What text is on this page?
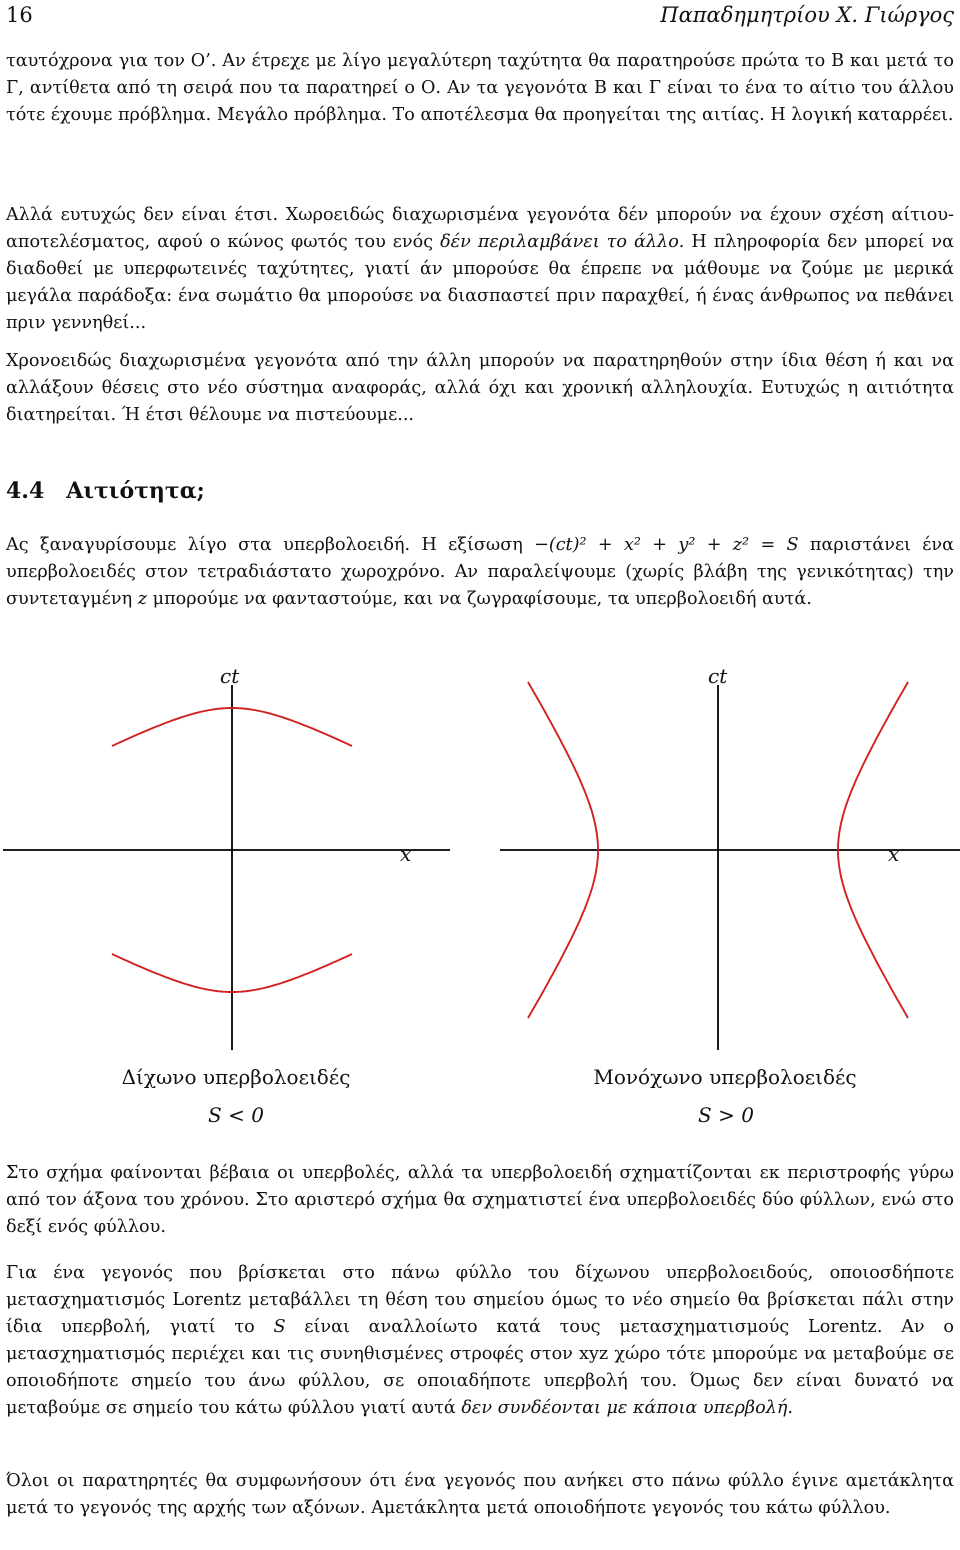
16	Παπαδημητρίου Χ. Γιώργος

ταυτόχρονα για τον Ο’. Αν έτρεχε με λίγο μεγαλύτερη ταχύτητα θα παρατηρούσε πρώτα το Β και μετά το Γ, αντίθετα από τη σειρά που τα παρατηρεί ο Ο. Αν τα γεγονότα Β και Γ είναι το ένα το αίτιο του άλλου τότε έχουμε πρόβλημα. Μεγάλο πρόβλημα. Το αποτέλεσμα θα προηγείται της αιτίας. Η λογική καταρρέει.

Αλλά ευτυχώς δεν είναι έτσι. Χωροειδώς διαχωρισμένα γεγονότα δέν μπορούν να έχουν σχέση αίτιου-αποτελέσματος, αφού ο κώνος φωτός του ενός δέν περιλαμβάνει το άλλο. Η πληροφορία δεν μπορεί να διαδοθεί με υπερφωτεινές ταχύτητες, γιατί άν μπορούσε θα έπρεπε να μάθουμε να ζούμε με μερικά μεγάλα παράδοξα: ένα σωμάτιο θα μπορούσε να διασπαστεί πριν παραχθεί, ή ένας άνθρωπος να πεθάνει πριν γεννηθεί...

Χρονοειδώς διαχωρισμένα γεγονότα από την άλλη μπορούν να παρατηρηθούν στην ίδια θέση ή και να αλλάξουν θέσεις στο νέο σύστημα αναφοράς, αλλά όχι και χρονική αλληλουχία. Ευτυχώς η αιτιότητα διατηρείται. Ή έτσι θέλουμε να πιστεύουμε...

4.4 Αιτιότητα;

Ας ξαναγυρίσουμε λίγο στα υπερβολοειδή. Η εξίσωση −(ct)² + x² + y² + z² = S παριστάνει ένα υπερβολοειδές στον τετραδιάστατο χωροχρόνο. Αν παραλείψουμε (χωρίς βλάβη της γενικότητας) την συντεταγμένη z μπορούμε να φανταστούμε, και να ζωγραφίσουμε, τα υπερβολοειδή αυτά.

ct
x
ct
x
Δίχωνο υπερβολοειδές
S < 0
Μονόχωνο υπερβολοειδές
S > 0

Στο σχήμα φαίνονται βέβαια οι υπερβολές, αλλά τα υπερβολοειδή σχηματίζονται εκ περιστροφής γύρω από τον άξονα του χρόνου. Στο αριστερό σχήμα θα σχηματιστεί ένα υπερβολοειδές δύο φύλλων, ενώ στο δεξί ενός φύλλου.

Για ένα γεγονός που βρίσκεται στο πάνω φύλλο του δίχωνου υπερβολοειδούς, οποιοσδήποτε μετασχηματισμός Lorentz μεταβάλλει τη θέση του σημείου όμως το νέο σημείο θα βρίσκεται πάλι στην ίδια υπερβολή, γιατί το S είναι αναλλοίωτο κατά τους μετασχηματισμούς Lorentz. Αν ο μετασχηματισμός περιέχει και τις συνηθισμένες στροφές στον xyz χώρο τότε μπορούμε να μεταβούμε σε οποιοδήποτε σημείο του άνω φύλλου, σε οποιαδήποτε υπερβολή του. Όμως δεν είναι δυνατό να μεταβούμε σε σημείο του κάτω φύλλου γιατί αυτά δεν συνδέονται με κάποια υπερβολή.

Όλοι οι παρατηρητές θα συμφωνήσουν ότι ένα γεγονός που ανήκει στο πάνω φύλλο έγινε αμετάκλητα μετά το γεγονός της αρχής των αξόνων. Αμετάκλητα μετά οποιοδήποτε γεγονός του κάτω φύλλου.
